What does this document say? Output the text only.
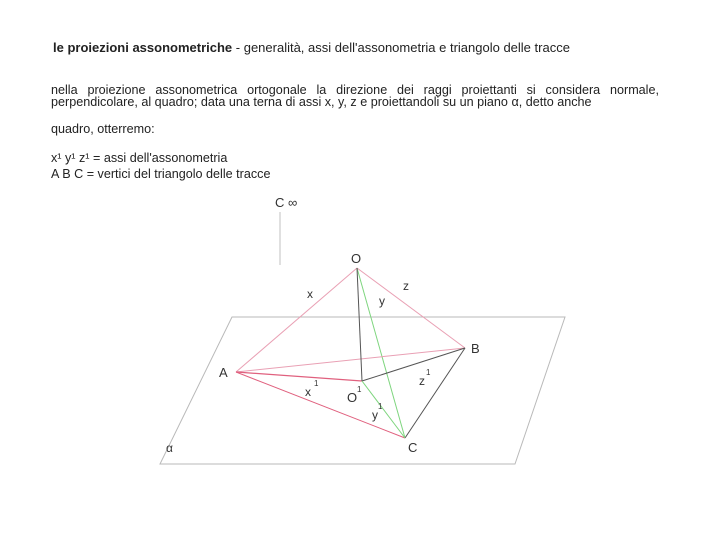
le proiezioni assonometriche - generalità, assi dell'assonometria e triangolo delle tracce
nella proiezione assonometrica ortogonale la direzione dei raggi proiettanti si considera normale, perpendicolare, al quadro; data una terna di assi x, y, z e proiettandoli su un piano α, detto anche
quadro, otterremo:
x¹ y¹ z¹ = assi dell'assonometria
A B C = vertici del triangolo delle tracce
C ∞
O
x	y
z
A
B
C
x
1
O
1
z
1
y
1
α
